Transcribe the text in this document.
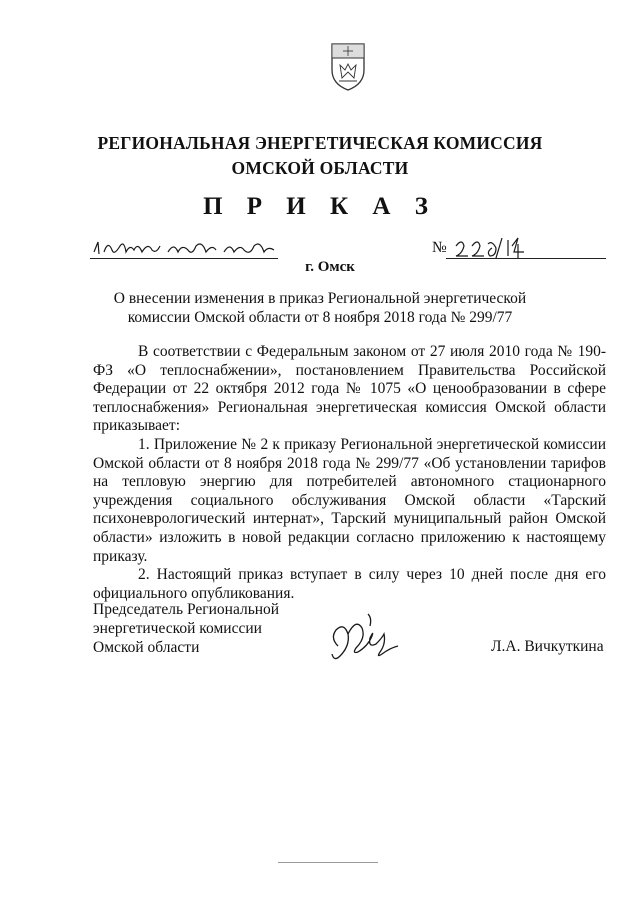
РЕГИОНАЛЬНАЯ ЭНЕРГЕТИЧЕСКАЯ КОМИССИЯ
ОМСКОЙ ОБЛАСТИ
П Р И К А З
№
г. Омск
О внесении изменения в приказ Региональной энергетической
комиссии Омской области от 8 ноября 2018 года № 299/77

В соответствии с Федеральным законом от 27 июля 2010 года № 190-ФЗ «О теплоснабжении», постановлением Правительства Российской Федерации от 22 октября 2012 года № 1075 «О ценообразовании в сфере теплоснабжения» Региональная энергетическая комиссия Омской области приказывает:

1. Приложение № 2 к приказу Региональной энергетической комиссии Омской области от 8 ноября 2018 года № 299/77 «Об установлении тарифов на тепловую энергию для потребителей автономного стационарного учреждения социального обслуживания Омской области «Тарский психоневрологический интернат», Тарский муниципальный район Омской области» изложить в новой редакции согласно приложению к настоящему приказу.

2. Настоящий приказ вступает в силу через 10 дней после дня его официального опубликования.

Председатель Региональной
энергетической комиссии
Омской области	Л.А. Вичкуткина
